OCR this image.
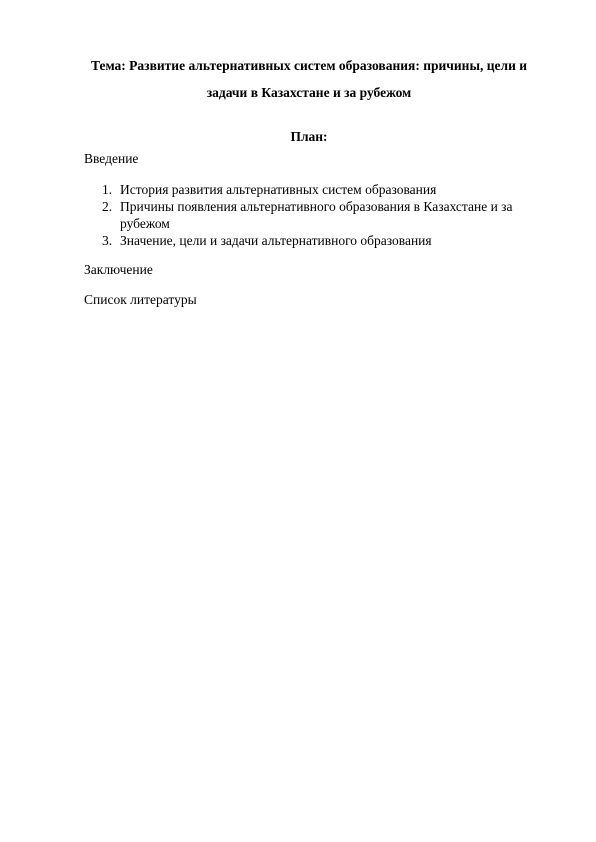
Тема: Развитие альтернативных систем образования: причины, цели и задачи в Казахстане и за рубежом

План:

Введение

1. История развития альтернативных систем образования
2. Причины появления альтернативного образования в Казахстане и за рубежом
3. Значение, цели и задачи альтернативного образования

Заключение

Список литературы
